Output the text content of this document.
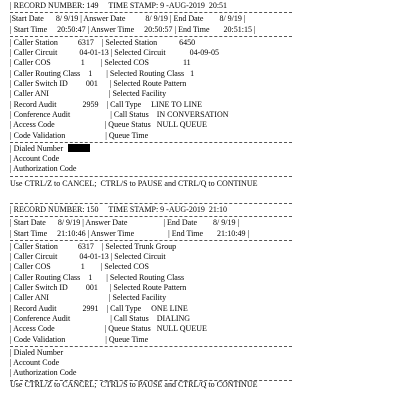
| RECORD NUMBER: 149     TIME STAMP: 9 -AUG-2019  20:51
|Start Date      8/ 9/19 | Answer Date          8/ 9/19 | End Date        8/ 9/19 |
| Start Time     20:50:47 | Answer Time     20:50:57 | End Time       20:51:15 |
| Caller Station          6317    | Selected Station           6450
| Caller Circuit           04-01-13 | Selected Circuit            04-09-05
| Caller COS               1        | Selected COS                 11
| Caller Routing Class    1       | Selected Routing Class   1
| Caller Switch ID         001      | Selected Route Pattern
| Caller ANI                              | Selected Facility
| Record Audit             2959    | Call Type     LINE TO LINE
| Conference Audit                    | Call Status    IN CONVERSATION
| Access Code                         | Queue Status   NULL QUEUE
| Code Validation                    | Queue Time
| Dialed Number
| Account Code
| Authorization Code
Use CTRL/Z to CANCEL;  CTRL/S to PAUSE and CTRL/Q to CONTINUE
| RECORD NUMBER: 150     TIME STAMP: 9 -AUG-2019  21:10
| Start Date      8/ 9/19 | Answer Date                  | End Date        8/ 9/19 |
| Start Time     21:10:46 | Answer Time                 | End Time       21:10:49 |
| Caller Station          6317    | Selected Trunk Group
| Caller Circuit           04-01-13 | Selected Circuit
| Caller COS               1        | Selected COS
| Caller Routing Class    1       | Selected Routing Class
| Caller Switch ID         001      | Selected Route Pattern
| Caller ANI                              | Selected Facility
| Record Audit             2991    | Call Type     ONE LINE
| Conference Audit                    | Call Status    DIALING
| Access Code                         | Queue Status   NULL QUEUE
| Code Validation                    | Queue Time
| Dialed Number
| Account Code
| Authorization Code
Use CTRL/Z to CANCEL;  CTRL/S to PAUSE and CTRL/Q to CONTINUE
